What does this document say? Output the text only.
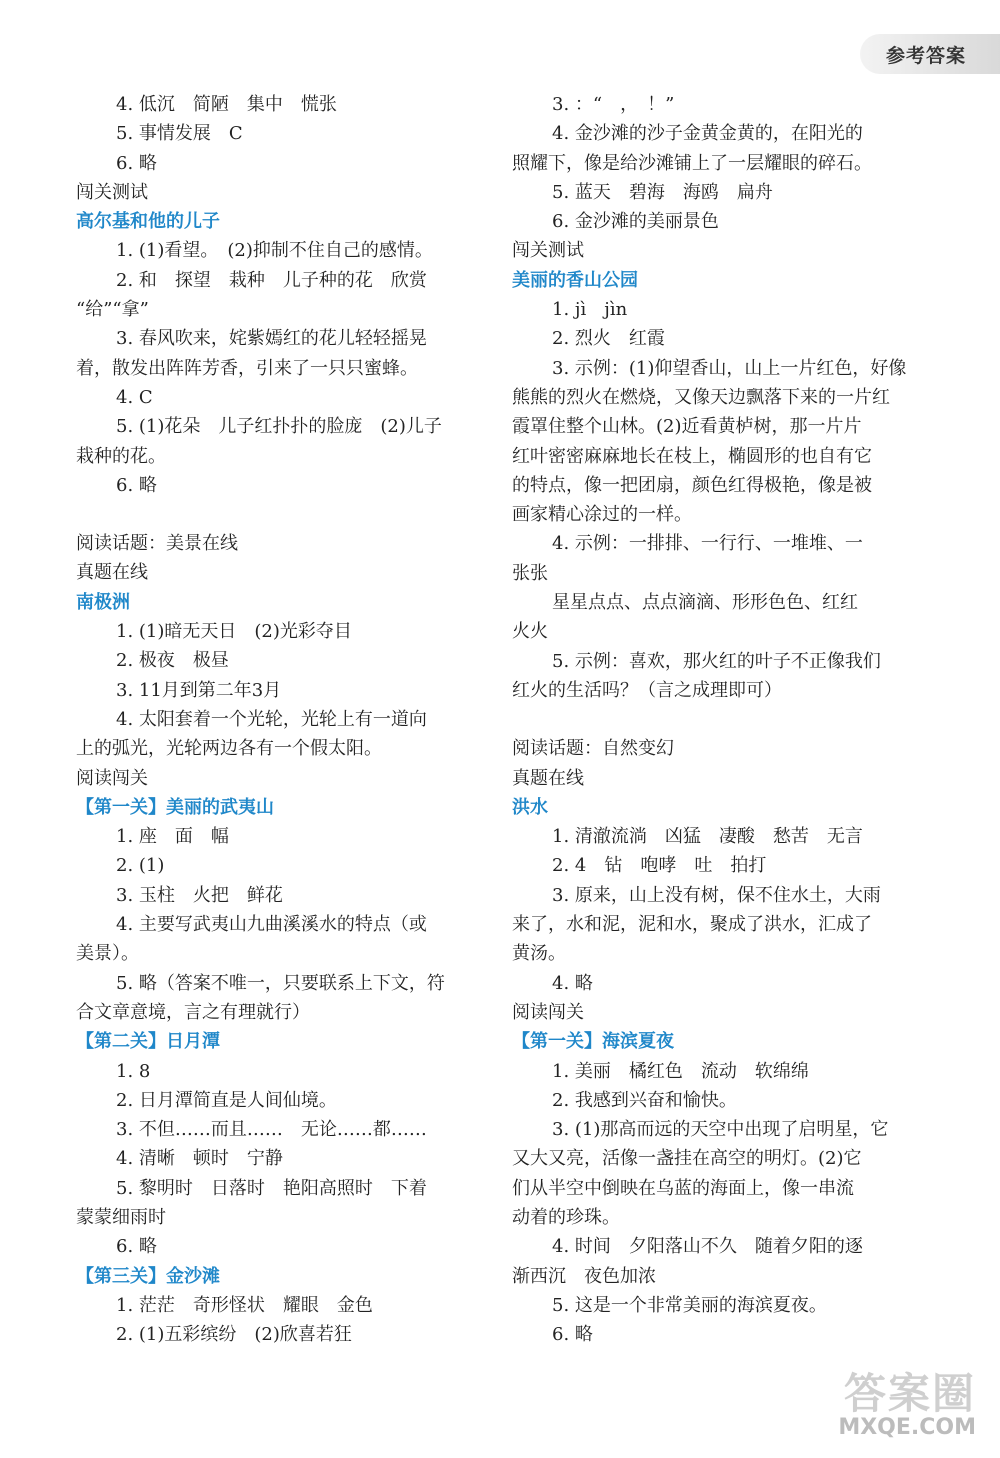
参考答案
4. 低沉　简陋　集中　慌张
5. 事情发展　C
6. 略
闯关测试
高尔基和他的儿子
1. (1)看望。　(2)抑制不住自己的感情。
2. 和　探望　栽种　儿子种的花　欣赏
“给”“拿”
3. 春风吹来，姹紫嫣红的花儿轻轻摇晃
着，散发出阵阵芳香，引来了一只只蜜蜂。
4. C
5. (1)花朵　儿子红扑扑的脸庞　(2)儿子
栽种的花。
6. 略
阅读话题：美景在线
真题在线
南极洲
1. (1)暗无天日　(2)光彩夺目
2. 极夜　极昼
3. 11月到第二年3月
4. 太阳套着一个光轮，光轮上有一道向
上的弧光，光轮两边各有一个假太阳。
阅读闯关
【第一关】美丽的武夷山
1. 座　面　幅
2. (1)
3. 玉柱　火把　鲜花
4. 主要写武夷山九曲溪溪水的特点（或
美景）。
5. 略（答案不唯一，只要联系上下文，符
合文章意境，言之有理就行）
【第二关】日月潭
1. 8
2. 日月潭简直是人间仙境。
3. 不但……而且……　无论……都……
4. 清晰　顿时　宁静
5. 黎明时　日落时　艳阳高照时　下着
蒙蒙细雨时
6. 略
【第三关】金沙滩
1. 茫茫　奇形怪状　耀眼　金色
2. (1)五彩缤纷　(2)欣喜若狂
3. ：“　，　！”
4. 金沙滩的沙子金黄金黄的，在阳光的
照耀下，像是给沙滩铺上了一层耀眼的碎石。
5. 蓝天　碧海　海鸥　扁舟
6. 金沙滩的美丽景色
闯关测试
美丽的香山公园
1. jì　jìn
2. 烈火　红霞
3. 示例：(1)仰望香山，山上一片红色，好像
熊熊的烈火在燃烧，又像天边飘落下来的一片红
霞罩住整个山林。(2)近看黄栌树，那一片片
红叶密密麻麻地长在枝上，椭圆形的也自有它
的特点，像一把团扇，颜色红得极艳，像是被
画家精心涂过的一样。
4. 示例：一排排、一行行、一堆堆、一
张张
星星点点、点点滴滴、形形色色、红红
火火
5. 示例：喜欢，那火红的叶子不正像我们
红火的生活吗？（言之成理即可）
阅读话题：自然变幻
真题在线
洪水
1. 清澈流淌　凶猛　凄酸　愁苦　无言
2. 4　钻　咆哮　吐　拍打
3. 原来，山上没有树，保不住水土，大雨
来了，水和泥，泥和水，聚成了洪水，汇成了
黄汤。
4. 略
阅读闯关
【第一关】海滨夏夜
1. 美丽　橘红色　流动　软绵绵
2. 我感到兴奋和愉快。
3. (1)那高而远的天空中出现了启明星，它
又大又亮，活像一盏挂在高空的明灯。(2)它
们从半空中倒映在乌蓝的海面上，像一串流
动着的珍珠。
4. 时间　夕阳落山不久　随着夕阳的逐
渐西沉　夜色加浓
5. 这是一个非常美丽的海滨夏夜。
6. 略
答案圈
MXQE.COM
